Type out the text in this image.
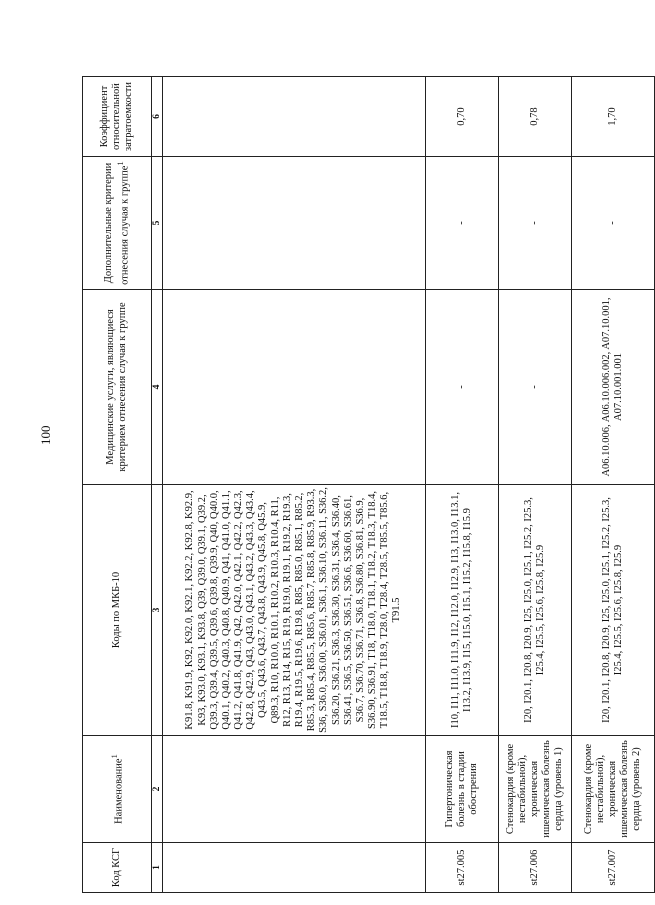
100
Код КСГ	Наименование$^1$	Коды по МКБ-10	Медицинские услуги, являющиеся критерием отнесения случая к группе	Дополнительные критерии отнесения случая к группе$^1$	Коэффициент относительной затратоемкости
1	2	3	4	5	6
		K91.8, K91.9, K92, K92.0, K92.1, K92.2, K92.8, K92.9, K93, K93.0, K93.1, K93.8, Q39, Q39.0, Q39.1, Q39.2, Q39.3, Q39.4, Q39.5, Q39.6, Q39.8, Q39.9, Q40, Q40.0, Q40.1, Q40.2, Q40.3, Q40.8, Q40.9, Q41, Q41.0, Q41.1, Q41.2, Q41.8, Q41.9, Q42, Q42.0, Q42.1, Q42.2, Q42.3, Q42.8, Q42.9, Q43, Q43.0, Q43.1, Q43.2, Q43.3, Q43.4, Q43.5, Q43.6, Q43.7, Q43.8, Q43.9, Q45.8, Q45.9, Q89.3, R10, R10.0, R10.1, R10.2, R10.3, R10.4, R11, R12, R13, R14, R15, R19, R19.0, R19.1, R19.2, R19.3, R19.4, R19.5, R19.6, R19.8, R85, R85.0, R85.1, R85.2, R85.3, R85.4, R85.5, R85.6, R85.7, R85.8, R85.9, R93.3, S36, S36.0, S36.00, S36.01, S36.1, S36.10, S36.11, S36.2, S36.20, S36.21, S36.3, S36.30, S36.31, S36.4, S36.40, S36.41, S36.5, S36.50, S36.51, S36.6, S36.60, S36.61, S36.7, S36.70, S36.71, S36.8, S36.80, S36.81, S36.9, S36.90, S36.91, T18, T18.0, T18.1, T18.2, T18.3, T18.4, T18.5, T18.8, T18.9, T28.0, T28.4, T28.5, T85.5, T85.6, T91.5			
st27.005	Гипертоническая болезнь в стадии обострения	I10, I11, I11.0, I11.9, I12, I12.0, I12.9, I13, I13.0, I13.1, I13.2, I13.9, I15, I15.0, I15.1, I15.2, I15.8, I15.9	-	-	0,70
st27.006	Стенокардия (кроме нестабильной), хроническая ишемическая болезнь сердца (уровень 1)	I20, I20.1, I20.8, I20.9, I25, I25.0, I25.1, I25.2, I25.3, I25.4, I25.5, I25.6, I25.8, I25.9	-	-	0,78
st27.007	Стенокардия (кроме нестабильной), хроническая ишемическая болезнь сердца (уровень 2)	I20, I20.1, I20.8, I20.9, I25, I25.0, I25.1, I25.2, I25.3, I25.4, I25.5, I25.6, I25.8, I25.9	A06.10.006, A06.10.006.002, A07.10.001, A07.10.001.001	-	1,70
